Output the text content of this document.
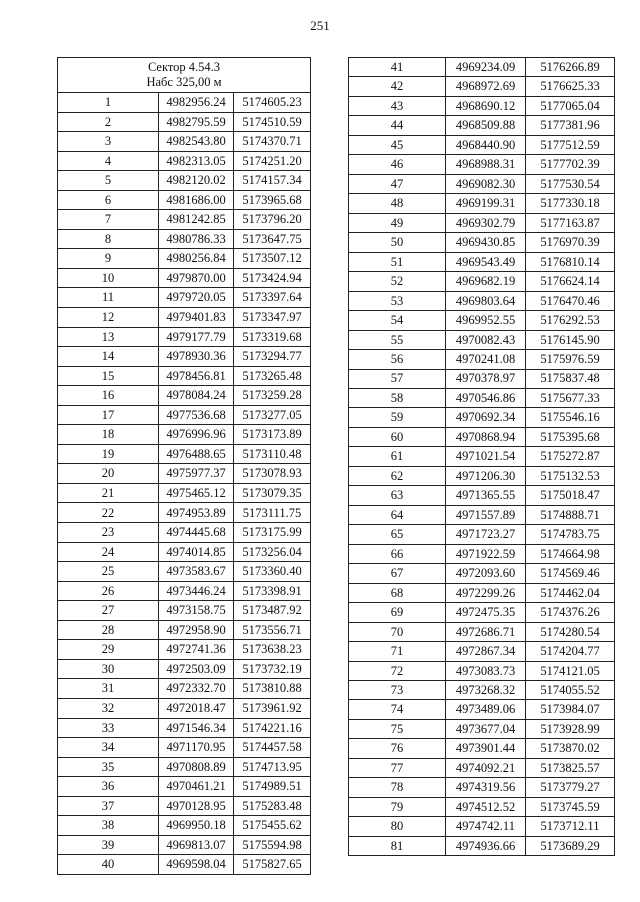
251
Сектор 4.54.3
Набс 325,00 м		
1	4982956.24	5174605.23
2	4982795.59	5174510.59
3	4982543.80	5174370.71
4	4982313.05	5174251.20
5	4982120.02	5174157.34
6	4981686.00	5173965.68
7	4981242.85	5173796.20
8	4980786.33	5173647.75
9	4980256.84	5173507.12
10	4979870.00	5173424.94
11	4979720.05	5173397.64
12	4979401.83	5173347.97
13	4979177.79	5173319.68
14	4978930.36	5173294.77
15	4978456.81	5173265.48
16	4978084.24	5173259.28
17	4977536.68	5173277.05
18	4976996.96	5173173.89
19	4976488.65	5173110.48
20	4975977.37	5173078.93
21	4975465.12	5173079.35
22	4974953.89	5173111.75
23	4974445.68	5173175.99
24	4974014.85	5173256.04
25	4973583.67	5173360.40
26	4973446.24	5173398.91
27	4973158.75	5173487.92
28	4972958.90	5173556.71
29	4972741.36	5173638.23
30	4972503.09	5173732.19
31	4972332.70	5173810.88
32	4972018.47	5173961.92
33	4971546.34	5174221.16
34	4971170.95	5174457.58
35	4970808.89	5174713.95
36	4970461.21	5174989.51
37	4970128.95	5175283.48
38	4969950.18	5175455.62
39	4969813.07	5175594.98
40	4969598.04	5175827.65
41	4969234.09	5176266.89
42	4968972.69	5176625.33
43	4968690.12	5177065.04
44	4968509.88	5177381.96
45	4968440.90	5177512.59
46	4968988.31	5177702.39
47	4969082.30	5177530.54
48	4969199.31	5177330.18
49	4969302.79	5177163.87
50	4969430.85	5176970.39
51	4969543.49	5176810.14
52	4969682.19	5176624.14
53	4969803.64	5176470.46
54	4969952.55	5176292.53
55	4970082.43	5176145.90
56	4970241.08	5175976.59
57	4970378.97	5175837.48
58	4970546.86	5175677.33
59	4970692.34	5175546.16
60	4970868.94	5175395.68
61	4971021.54	5175272.87
62	4971206.30	5175132.53
63	4971365.55	5175018.47
64	4971557.89	5174888.71
65	4971723.27	5174783.75
66	4971922.59	5174664.98
67	4972093.60	5174569.46
68	4972299.26	5174462.04
69	4972475.35	5174376.26
70	4972686.71	5174280.54
71	4972867.34	5174204.77
72	4973083.73	5174121.05
73	4973268.32	5174055.52
74	4973489.06	5173984.07
75	4973677.04	5173928.99
76	4973901.44	5173870.02
77	4974092.21	5173825.57
78	4974319.56	5173779.27
79	4974512.52	5173745.59
80	4974742.11	5173712.11
81	4974936.66	5173689.29
